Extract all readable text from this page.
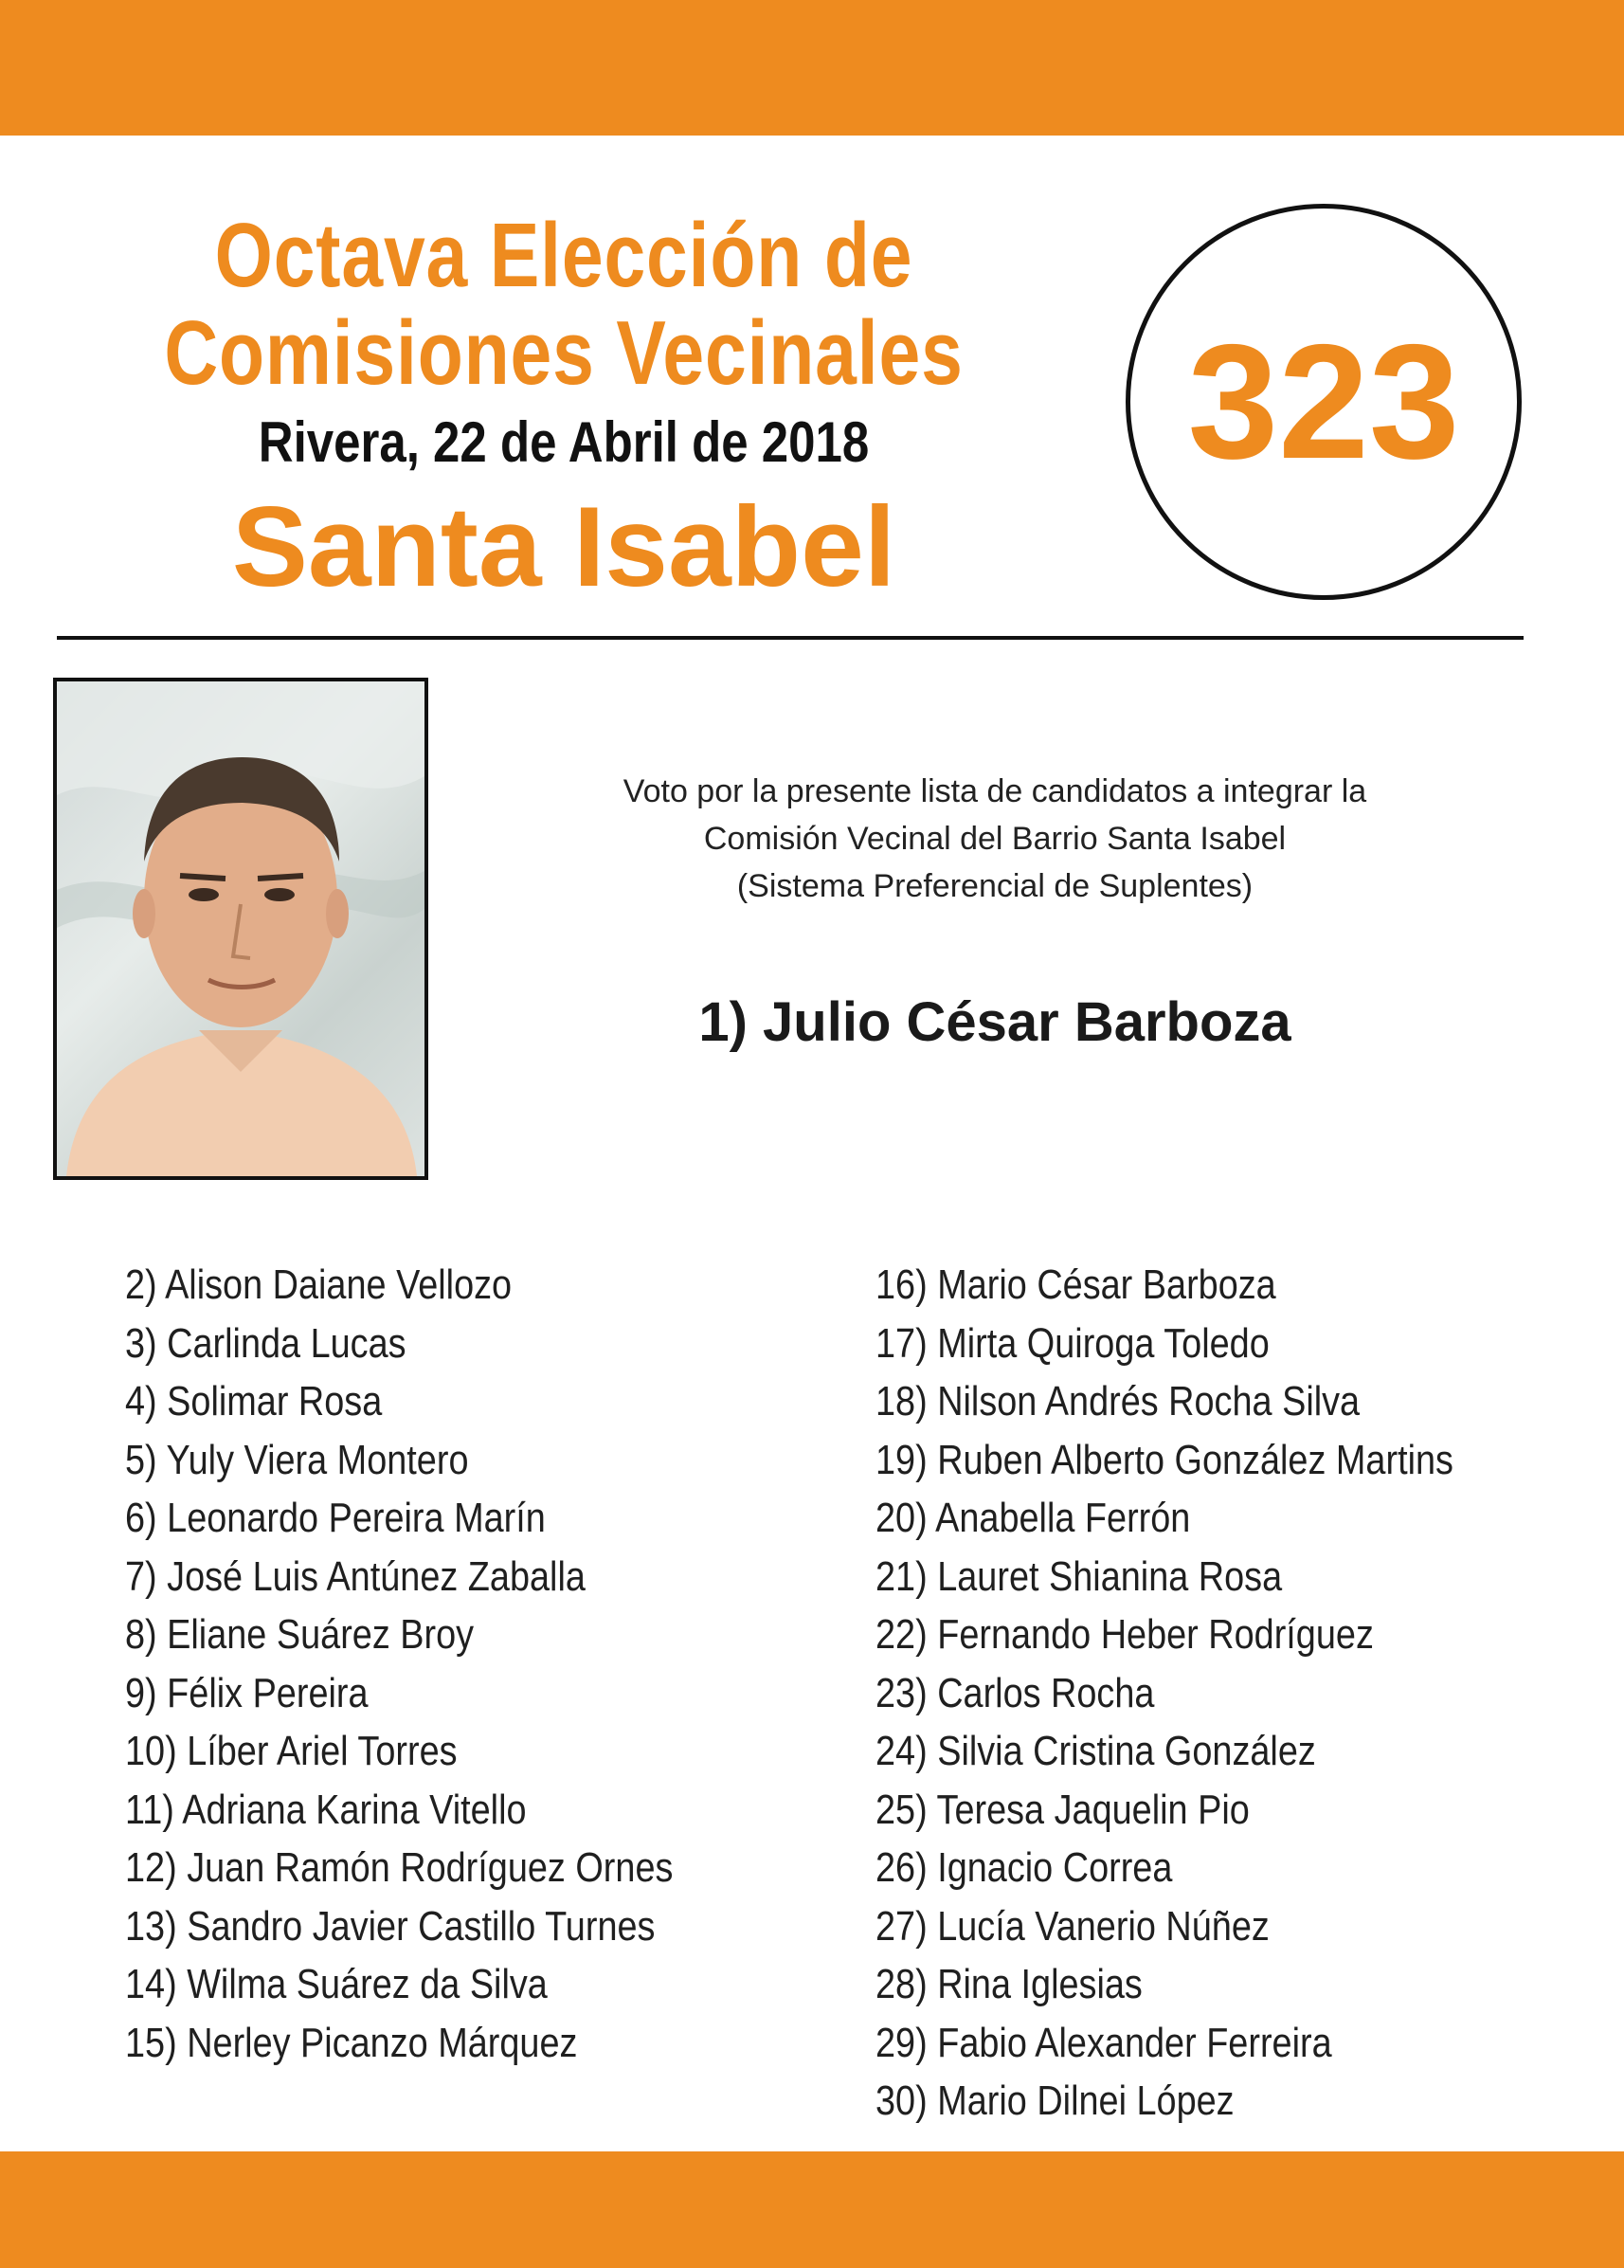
Octava Elección de
Comisiones Vecinales
Rivera, 22 de Abril de 2018
Santa Isabel
323
Voto por la presente lista de candidatos a integrar la
Comisión Vecinal del Barrio Santa Isabel
(Sistema Preferencial de Suplentes)
1) Julio César Barboza
2) Alison Daiane Vellozo
3) Carlinda Lucas
4) Solimar Rosa
5) Yuly Viera Montero
6) Leonardo Pereira Marín
7) José Luis Antúnez Zaballa
8) Eliane Suárez Broy
9) Félix Pereira
10) Líber Ariel Torres
11) Adriana Karina Vitello
12) Juan Ramón Rodríguez Ornes
13) Sandro Javier Castillo Turnes
14) Wilma Suárez da Silva
15) Nerley Picanzo Márquez
16) Mario César Barboza
17) Mirta Quiroga Toledo
18) Nilson Andrés Rocha Silva
19) Ruben Alberto González Martins
20) Anabella Ferrón
21) Lauret Shianina Rosa
22) Fernando Heber Rodríguez
23) Carlos Rocha
24) Silvia Cristina González
25) Teresa Jaquelin Pio
26) Ignacio Correa
27) Lucía Vanerio Núñez
28) Rina Iglesias
29) Fabio Alexander Ferreira
30) Mario Dilnei López
